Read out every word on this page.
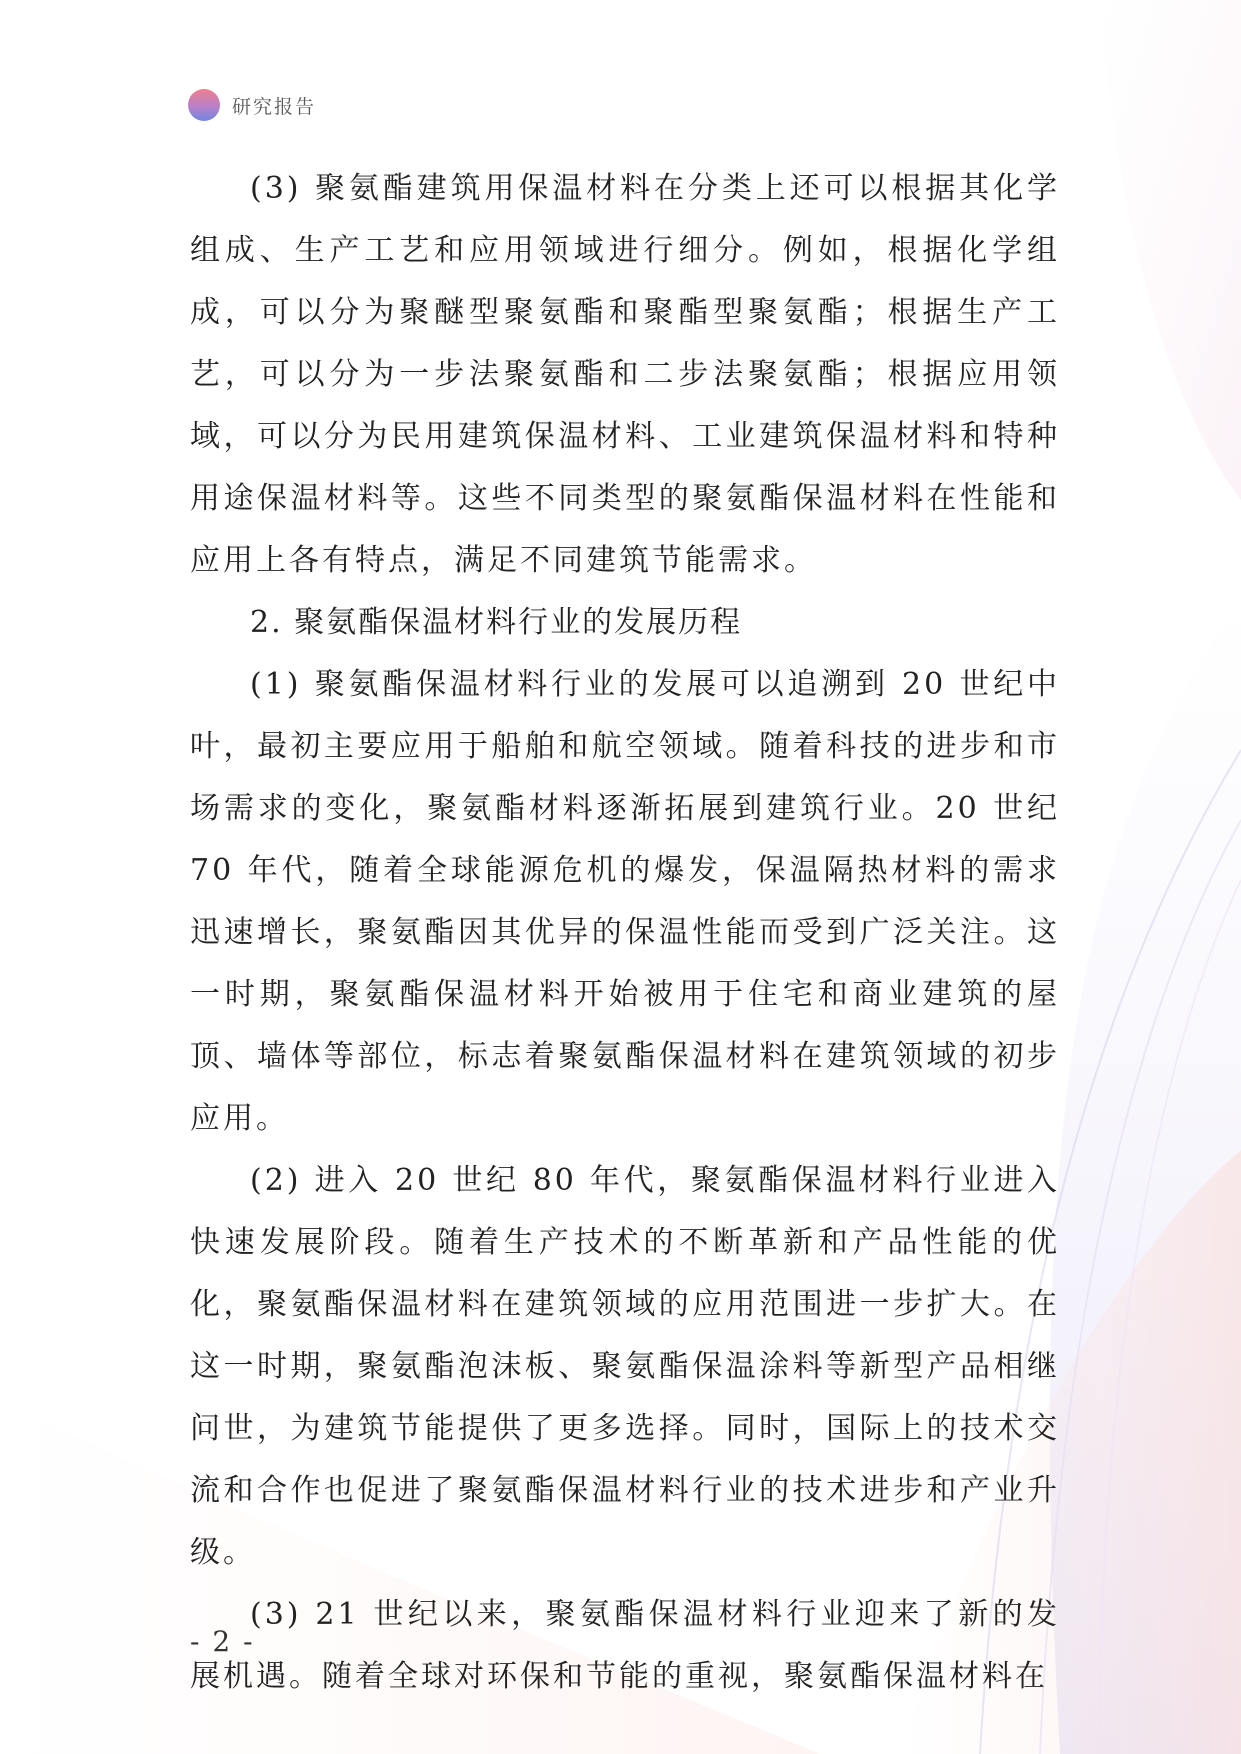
研究报告

(3) 聚氨酯建筑用保温材料在分类上还可以根据其化学组成、生产工艺和应用领域进行细分。例如，根据化学组成，可以分为聚醚型聚氨酯和聚酯型聚氨酯；根据生产工艺，可以分为一步法聚氨酯和二步法聚氨酯；根据应用领域，可以分为民用建筑保温材料、工业建筑保温材料和特种用途保温材料等。这些不同类型的聚氨酯保温材料在性能和应用上各有特点，满足不同建筑节能需求。

2. 聚氨酯保温材料行业的发展历程

(1) 聚氨酯保温材料行业的发展可以追溯到 20 世纪中叶，最初主要应用于船舶和航空领域。随着科技的进步和市场需求的变化，聚氨酯材料逐渐拓展到建筑行业。20 世纪 70 年代，随着全球能源危机的爆发，保温隔热材料的需求迅速增长，聚氨酯因其优异的保温性能而受到广泛关注。这一时期，聚氨酯保温材料开始被用于住宅和商业建筑的屋顶、墙体等部位，标志着聚氨酯保温材料在建筑领域的初步应用。

(2) 进入 20 世纪 80 年代，聚氨酯保温材料行业进入快速发展阶段。随着生产技术的不断革新和产品性能的优化，聚氨酯保温材料在建筑领域的应用范围进一步扩大。在这一时期，聚氨酯泡沫板、聚氨酯保温涂料等新型产品相继问世，为建筑节能提供了更多选择。同时，国际上的技术交流和合作也促进了聚氨酯保温材料行业的技术进步和产业升级。

(3) 21 世纪以来，聚氨酯保温材料行业迎来了新的发展机遇。随着全球对环保和节能的重视，聚氨酯保温材料在

- 2 -
